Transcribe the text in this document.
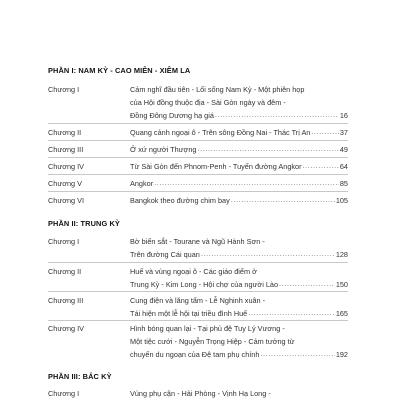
PHẦN I: NAM KỲ - CAO MIÊN - XIÊM LA
Chương I	Cảm nghĩ đầu tiên - Lối sống Nam Kỳ - Một phiên họp
của Hội đồng thuộc địa - Sài Gòn ngày và đêm -
Đồng Đông Dương hạ giá .....	16
Chương II	Quang cảnh ngoại ô - Trên sông Đồng Nai - Thác Trị An .....	37
Chương III	Ở xứ người Thượng .....	49
Chương IV	Từ Sài Gòn đến Phnom-Penh - Tuyến đường Angkor .....	64
Chương V	Angkor .....	85
Chương VI	Bangkok theo đường chim bay .....	105
PHẦN II: TRUNG KỲ
Chương I	Bờ biển sắt - Tourane và Ngũ Hành Sơn -
Trên đường Cái quan .....	128
Chương II	Huế và vùng ngoại ô - Các giáo điểm ở
Trung Kỳ - Kim Long - Hội chợ của người Lào .....	150
Chương III	Cung điện và lăng tẩm - Lễ Nghinh xuân -
Tái hiện một lễ hội tại triều đình Huế .....	165
Chương IV	Hình bóng quan lại - Tại phủ đệ Tuy Lý Vương -
Một tiệc cưới - Nguyễn Trọng Hiệp - Cảm tưởng từ
chuyến du ngoạn của Đệ tam phụ chính .....	192
PHẦN III: BẮC KỲ
Chương I	Vùng phụ cận - Hải Phòng - Vịnh Hạ Long -
